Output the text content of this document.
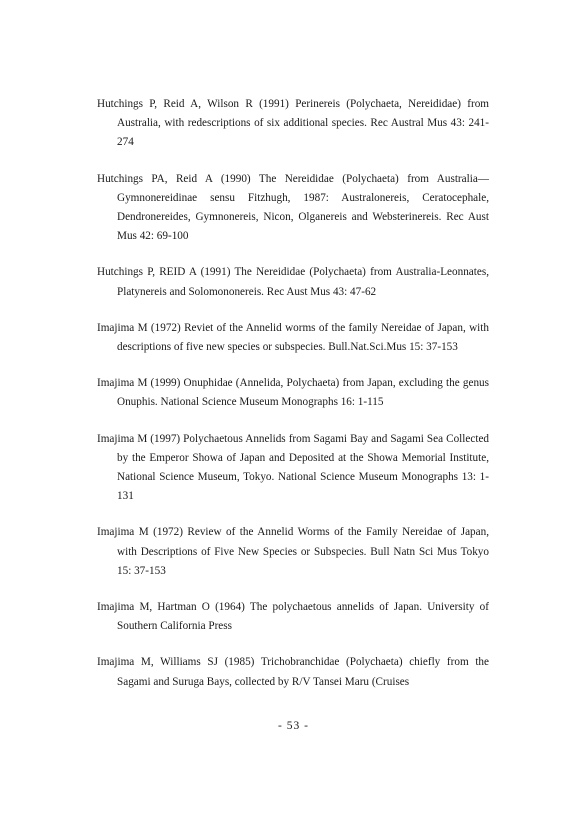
Hutchings P, Reid A, Wilson R (1991) Perinereis (Polychaeta, Nereididae) from Australia, with redescriptions of six additional species. Rec Austral Mus 43: 241-274

Hutchings PA, Reid A (1990) The Nereididae (Polychaeta) from Australia—Gymnonereidinae sensu Fitzhugh, 1987: Australonereis, Ceratocephale, Dendronereides, Gymnonereis, Nicon, Olganereis and Websterinereis. Rec Aust Mus 42: 69-100

Hutchings P, REID A (1991) The Nereididae (Polychaeta) from Australia-Leonnates, Platynereis and Solomononereis. Rec Aust Mus 43: 47-62

Imajima M (1972) Reviet of the Annelid worms of the family Nereidae of Japan, with descriptions of five new species or subspecies. Bull.Nat.Sci.Mus 15: 37-153

Imajima M (1999) Onuphidae (Annelida, Polychaeta) from Japan, excluding the genus Onuphis. National Science Museum Monographs 16: 1-115

Imajima M (1997) Polychaetous Annelids from Sagami Bay and Sagami Sea Collected by the Emperor Showa of Japan and Deposited at the Showa Memorial Institute, National Science Museum, Tokyo. National Science Museum Monographs 13: 1-131

Imajima M (1972) Review of the Annelid Worms of the Family Nereidae of Japan, with Descriptions of Five New Species or Subspecies. Bull Natn Sci Mus Tokyo 15: 37-153

Imajima M, Hartman O (1964) The polychaetous annelids of Japan. University of Southern California Press

Imajima M, Williams SJ (1985) Trichobranchidae (Polychaeta) chiefly from the Sagami and Suruga Bays, collected by R/V Tansei Maru (Cruises

- 53 -
